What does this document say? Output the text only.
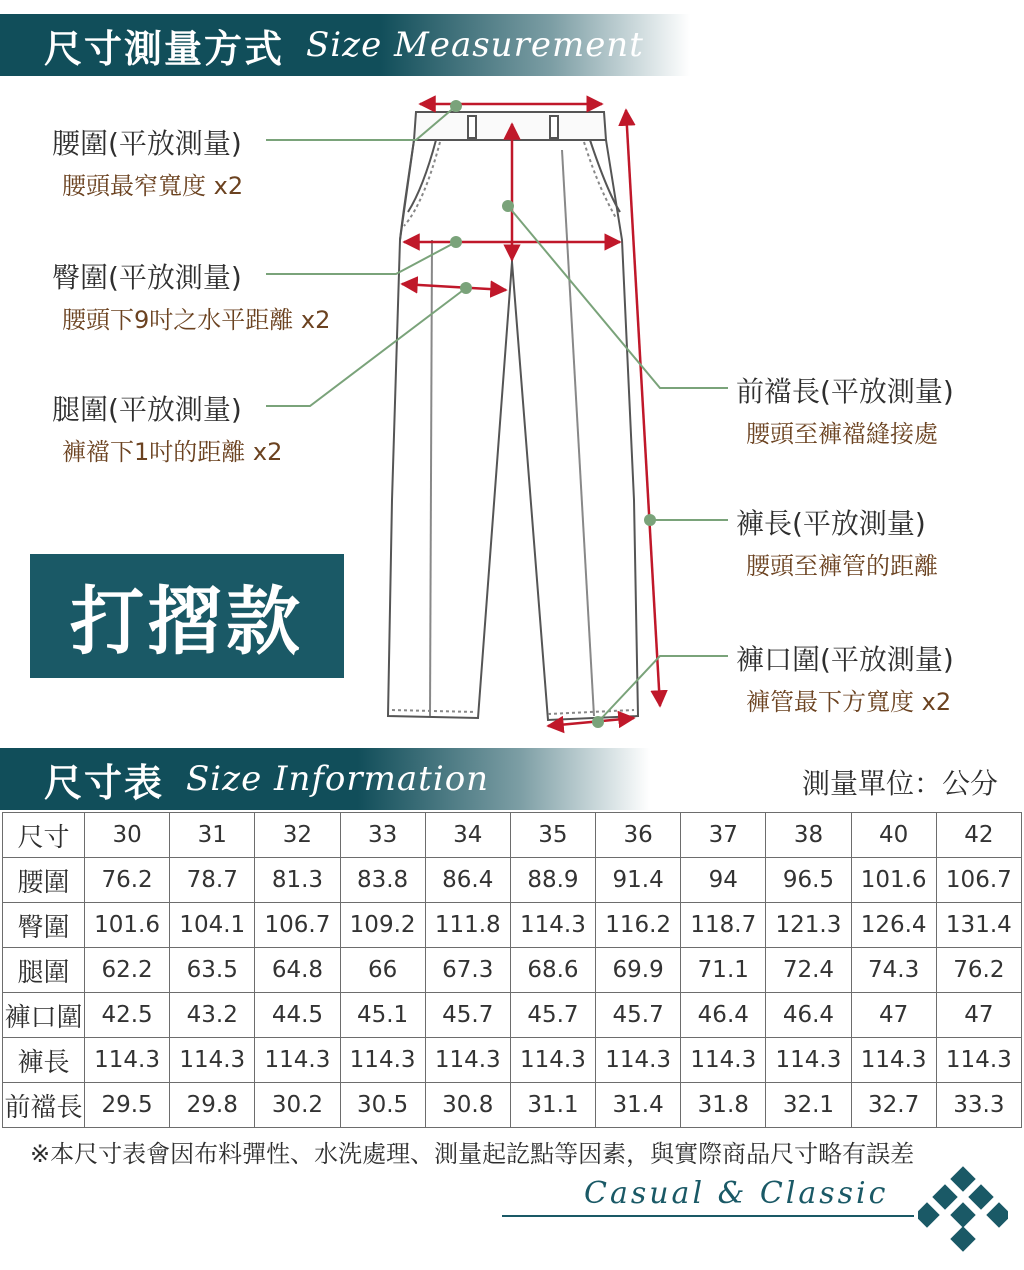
尺寸測量方式 Size Measurement
腰圍(平放測量)
腰頭最窄寬度 x2
臀圍(平放測量)
腰頭下9吋之水平距離 x2
腿圍(平放測量)
褲襠下1吋的距離 x2
前襠長(平放測量)
腰頭至褲襠縫接處
褲長(平放測量)
腰頭至褲管的距離
褲口圍(平放測量)
褲管最下方寬度 x2
打摺款
尺寸表 Size Information	測量單位：公分
尺寸	30	31	32	33	34	35	36	37	38	40	42
腰圍	76.2	78.7	81.3	83.8	86.4	88.9	91.4	94	96.5	101.6	106.7
臀圍	101.6	104.1	106.7	109.2	111.8	114.3	116.2	118.7	121.3	126.4	131.4
腿圍	62.2	63.5	64.8	66	67.3	68.6	69.9	71.1	72.4	74.3	76.2
褲口圍	42.5	43.2	44.5	45.1	45.7	45.7	45.7	46.4	46.4	47	47
褲長	114.3	114.3	114.3	114.3	114.3	114.3	114.3	114.3	114.3	114.3	114.3
前襠長	29.5	29.8	30.2	30.5	30.8	31.1	31.4	31.8	32.1	32.7	33.3
※本尺寸表會因布料彈性、水洗處理、測量起訖點等因素，與實際商品尺寸略有誤差
Casual & Classic
